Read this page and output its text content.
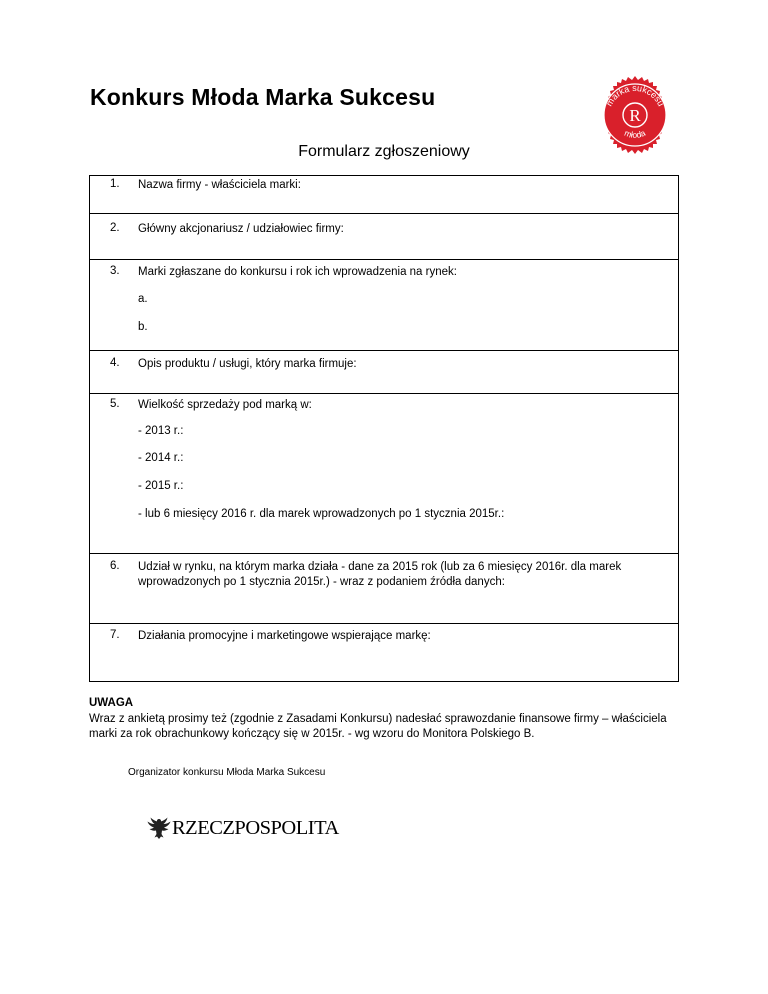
Konkurs Młoda Marka Sukcesu
Formularz zgłoszeniowy
R
marka sukcesu
młoda
1. Nazwa firmy - właściciela marki:
2. Główny akcjonariusz / udziałowiec firmy:
3. Marki zgłaszane do konkursu i rok ich wprowadzenia na rynek:
a.
b.
4. Opis produktu / usługi, który marka firmuje:
5. Wielkość sprzedaży pod marką w:
- 2013 r.:
- 2014 r.:
- 2015 r.:
- lub 6 miesięcy 2016 r. dla marek wprowadzonych po 1 stycznia 2015r.:
6. Udział w rynku, na którym marka działa - dane za 2015 rok (lub za 6 miesięcy 2016r. dla marek wprowadzonych po 1 stycznia 2015r.) - wraz z podaniem źródła danych:
7. Działania promocyjne i marketingowe wspierające markę:
UWAGA
Wraz z ankietą prosimy też (zgodnie z Zasadami Konkursu) nadesłać sprawozdanie finansowe firmy – właściciela marki za rok obrachunkowy kończący się w 2015r. - wg wzoru do Monitora Polskiego B.
Organizator konkursu Młoda Marka Sukcesu
RZECZPOSPOLITA
